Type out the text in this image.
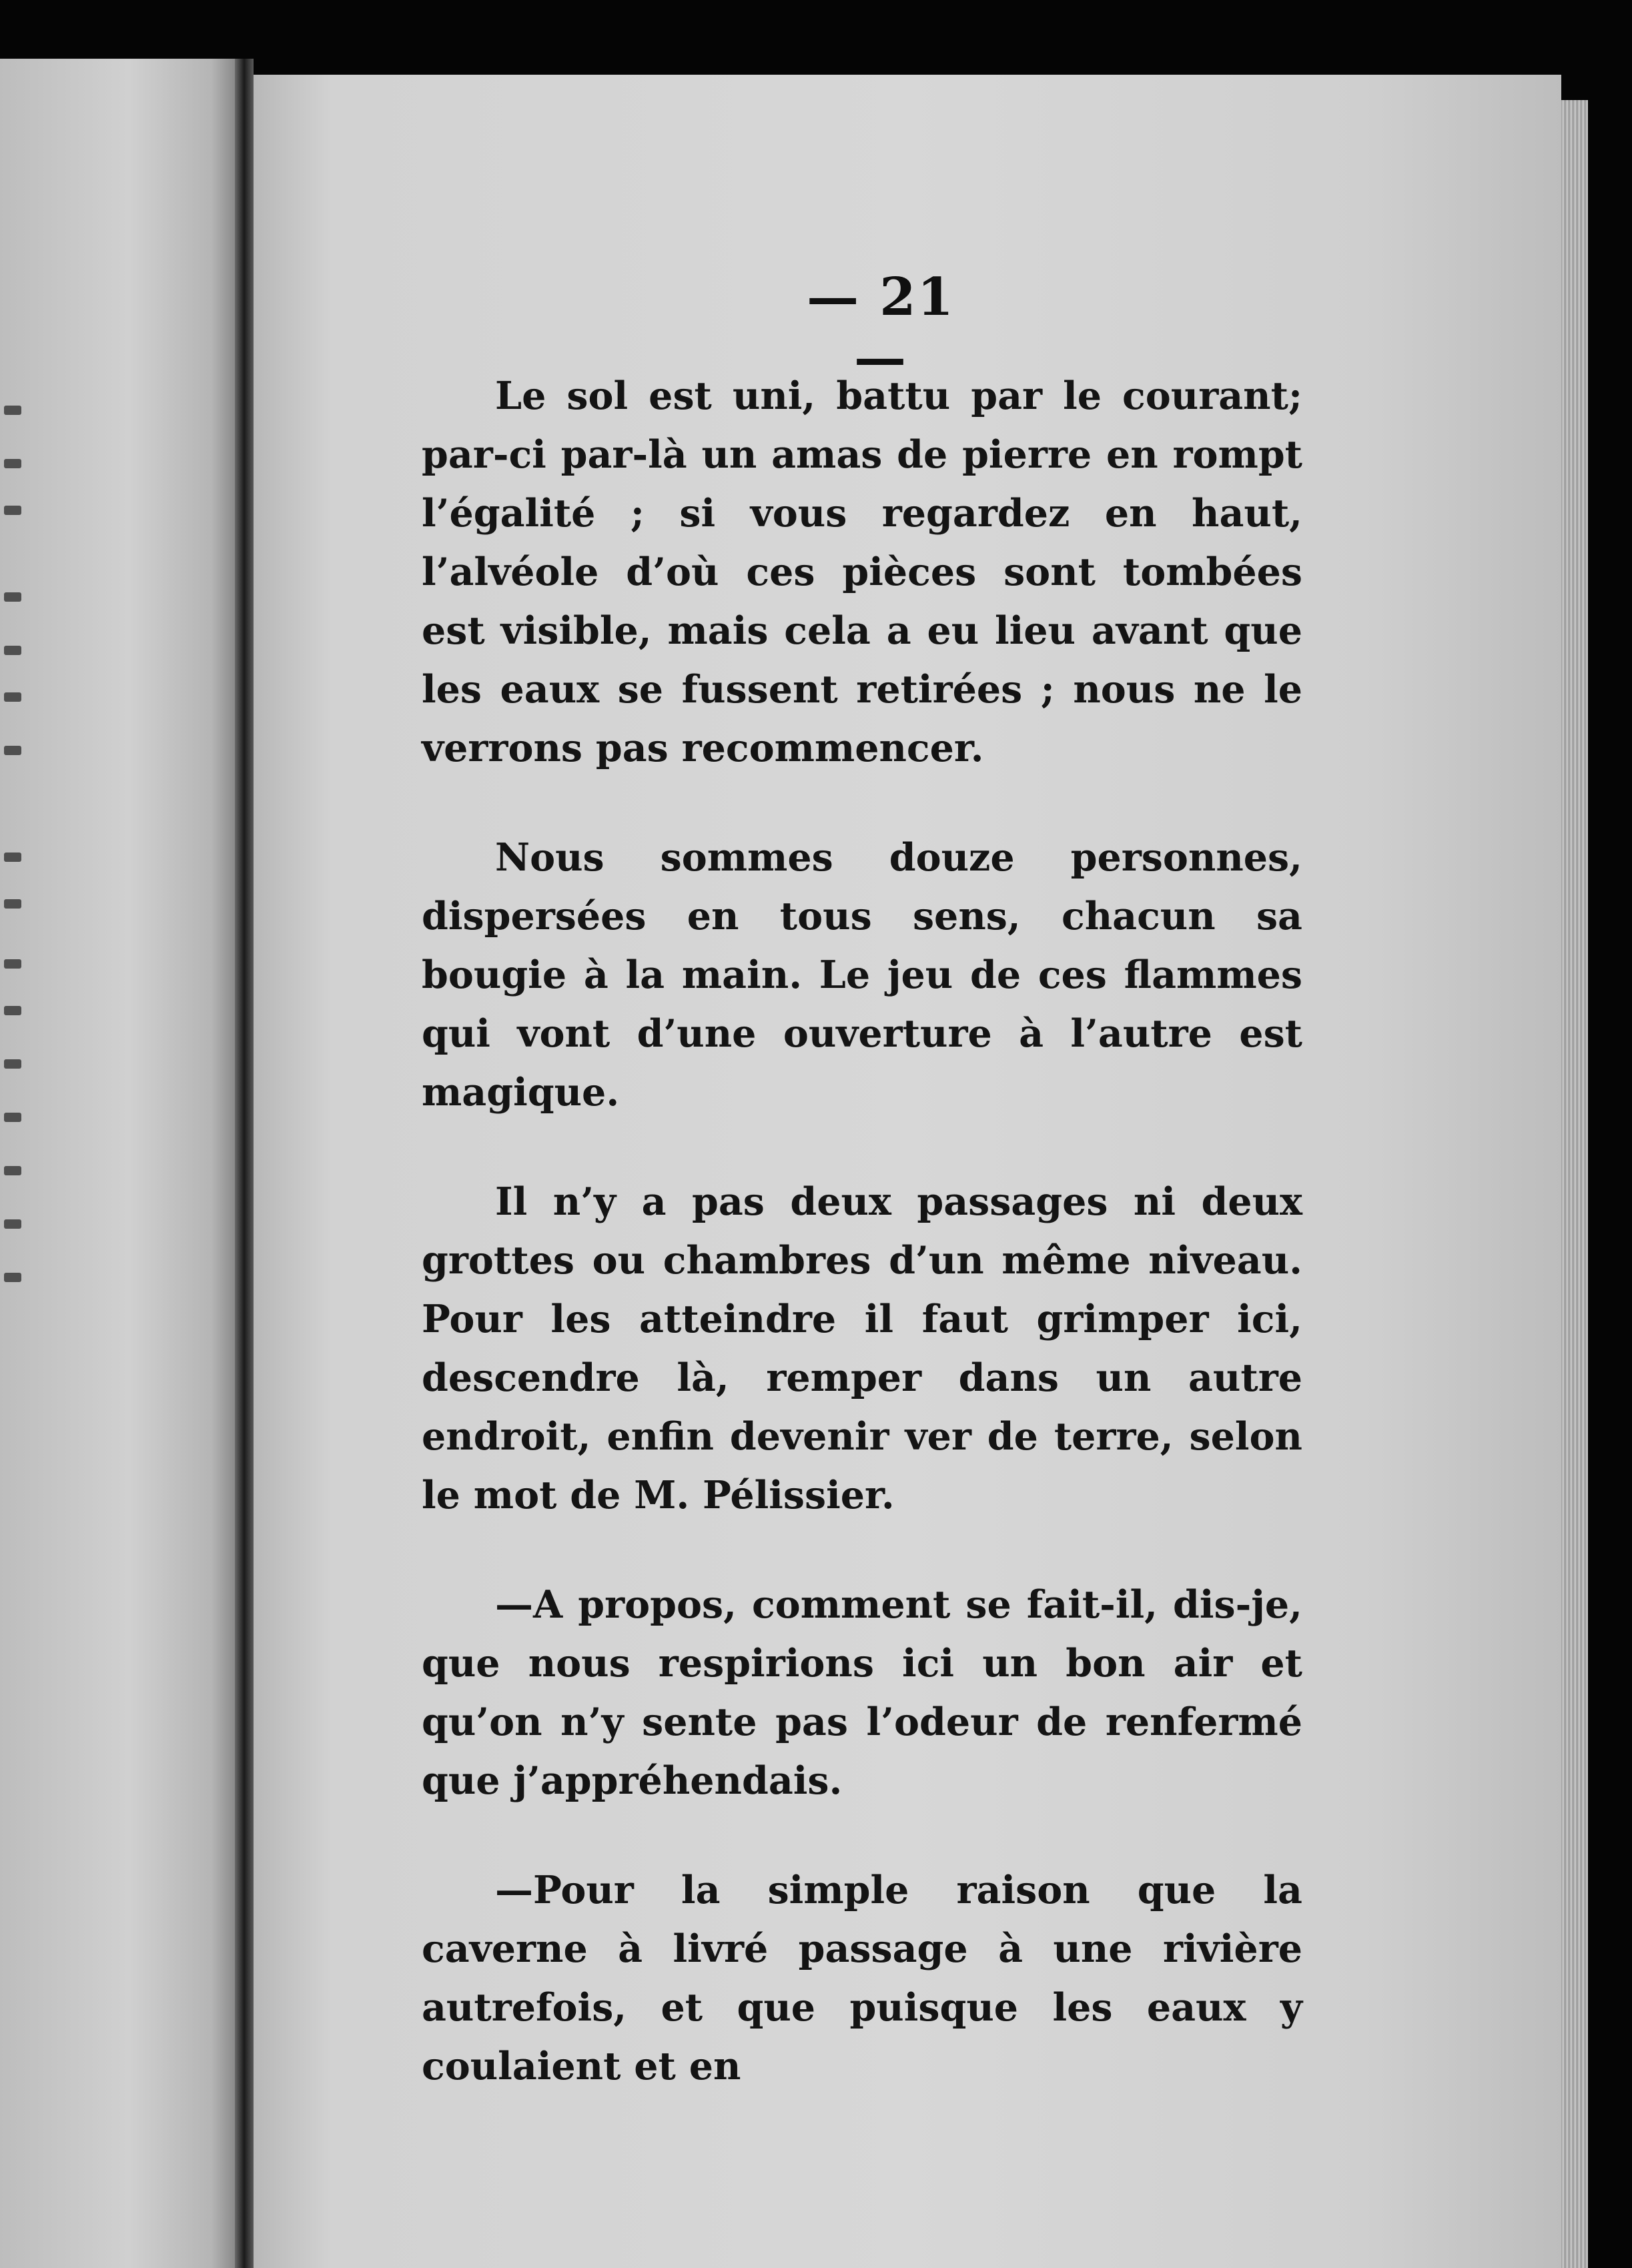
— 21 —

Le sol est uni, battu par le courant; par-ci par-là un amas de pierre en rompt l’égalité ; si vous regardez en haut, l’alvéole d’où ces pièces sont tombées est visible, mais cela a eu lieu avant que les eaux se fussent retirées ; nous ne le verrons pas recommencer.

Nous sommes douze personnes, dispersées en tous sens, chacun sa bougie à la main. Le jeu de ces flammes qui vont d’une ouverture à l’autre est magique.

Il n’y a pas deux passages ni deux grottes ou chambres d’un même niveau. Pour les atteindre il faut grimper ici, descendre là, remper dans un autre endroit, enfin devenir ver de terre, selon le mot de M. Pélissier.

—A propos, comment se fait-il, dis-je, que nous respirions ici un bon air et qu’on n’y sente pas l’odeur de renfermé que j’appréhendais.

—Pour la simple raison que la caverne à livré passage à une rivière autrefois, et que puisque les eaux y coulaient et en
